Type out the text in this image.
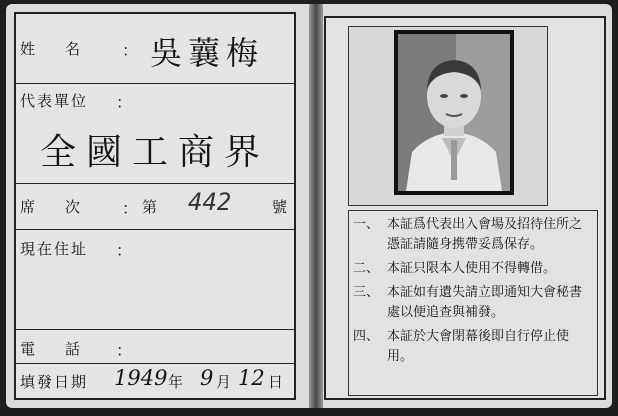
姓　　名	： 吳蘘梅
代表單位 ：
全國工商界
席　　次	： 第 442	號
現在住址 ：
電　　話	：
填發日期 1949 年 9 月 12 日
一、 本証爲代表出入會場及招待住所之憑証請隨身携帶妥爲保存。
二、 本証只限本人使用不得轉借。
三、 本証如有遺失請立即通知大會秘書處以便追查與補發。
四、 本証於大會閉幕後即自行停止使用。
